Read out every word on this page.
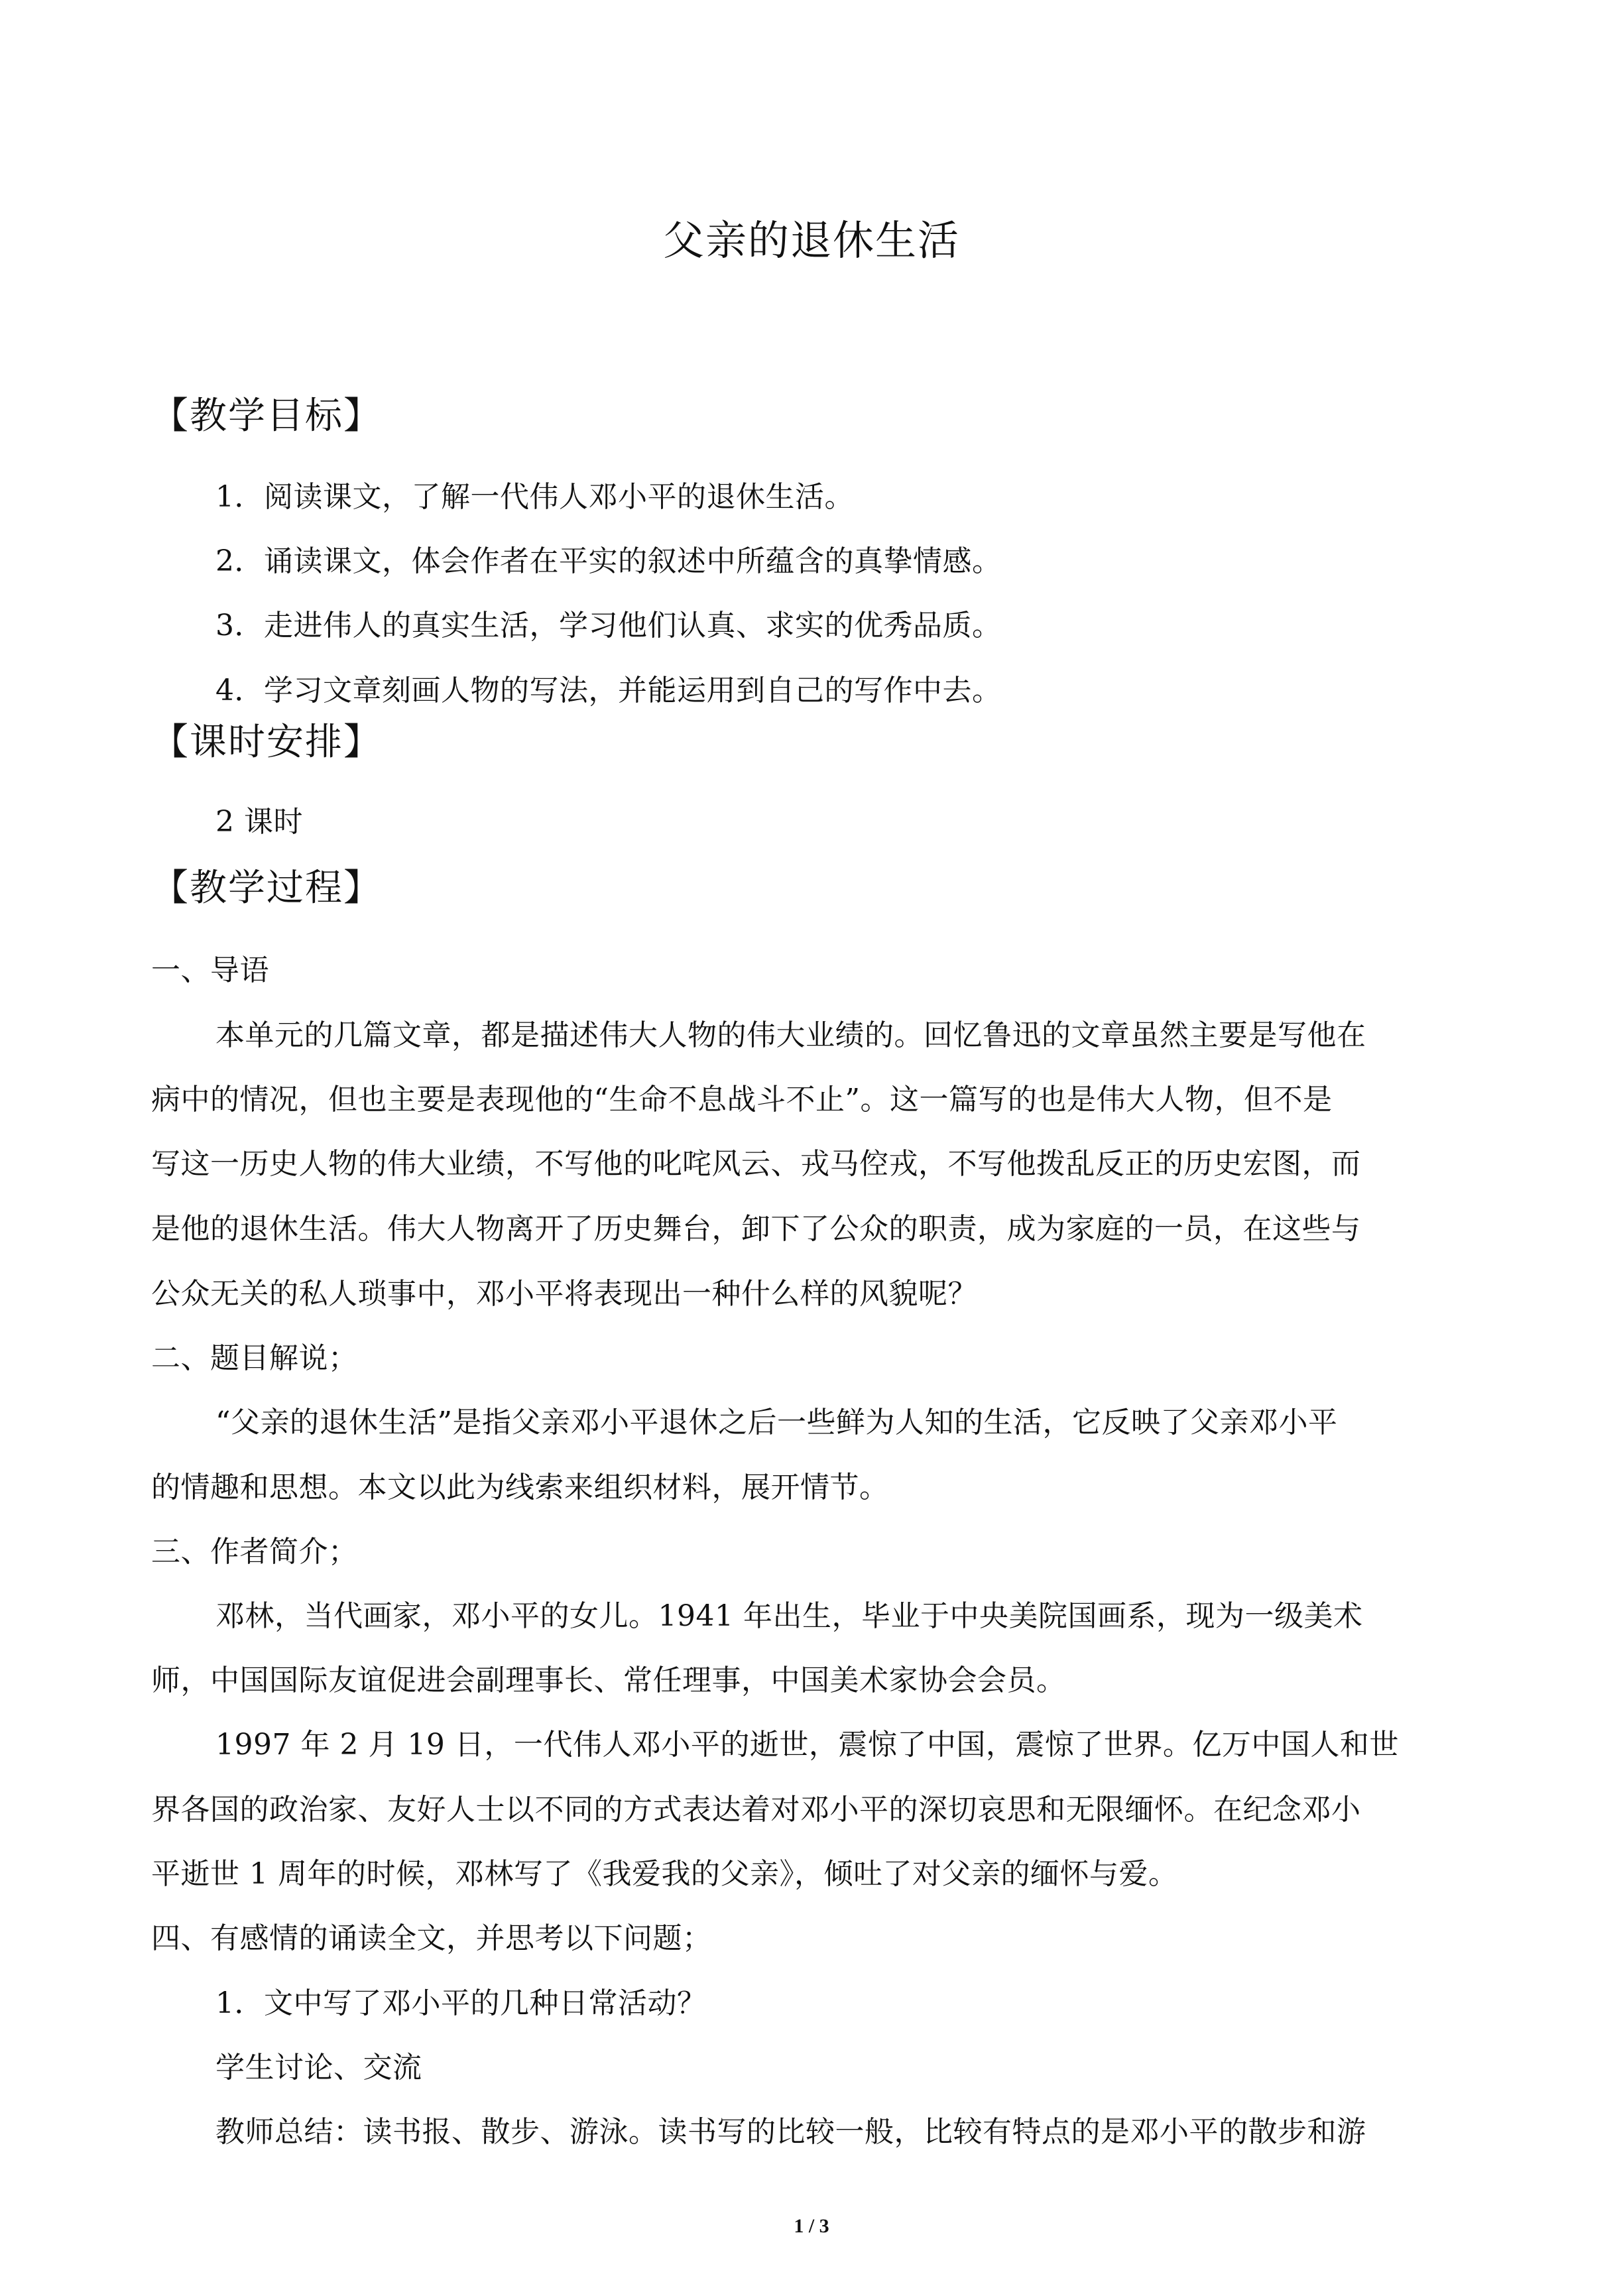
父亲的退休生活
【教学目标】
1．阅读课文，了解一代伟人邓小平的退休生活。
2．诵读课文，体会作者在平实的叙述中所蕴含的真挚情感。
3．走进伟人的真实生活，学习他们认真、求实的优秀品质。
4．学习文章刻画人物的写法，并能运用到自己的写作中去。
【课时安排】
2 课时
【教学过程】
一、导语
本单元的几篇文章，都是描述伟大人物的伟大业绩的。回忆鲁迅的文章虽然主要是写他在
病中的情况，但也主要是表现他的“生命不息战斗不止”。这一篇写的也是伟大人物，但不是
写这一历史人物的伟大业绩，不写他的叱咤风云、戎马倥戎，不写他拨乱反正的历史宏图，而
是他的退休生活。伟大人物离开了历史舞台，卸下了公众的职责，成为家庭的一员，在这些与
公众无关的私人琐事中，邓小平将表现出一种什么样的风貌呢？
二、题目解说；
“父亲的退休生活”是指父亲邓小平退休之后一些鲜为人知的生活，它反映了父亲邓小平
的情趣和思想。本文以此为线索来组织材料，展开情节。
三、作者简介；
邓林，当代画家，邓小平的女儿。1941 年出生，毕业于中央美院国画系，现为一级美术
师，中国国际友谊促进会副理事长、常任理事，中国美术家协会会员。
1997 年 2 月 19 日，一代伟人邓小平的逝世，震惊了中国，震惊了世界。亿万中国人和世
界各国的政治家、友好人士以不同的方式表达着对邓小平的深切哀思和无限缅怀。在纪念邓小
平逝世 1 周年的时候，邓林写了《我爱我的父亲》，倾吐了对父亲的缅怀与爱。
四、有感情的诵读全文，并思考以下问题；
1．文中写了邓小平的几种日常活动？
学生讨论、交流
教师总结：读书报、散步、游泳。读书写的比较一般，比较有特点的是邓小平的散步和游
1 / 3
